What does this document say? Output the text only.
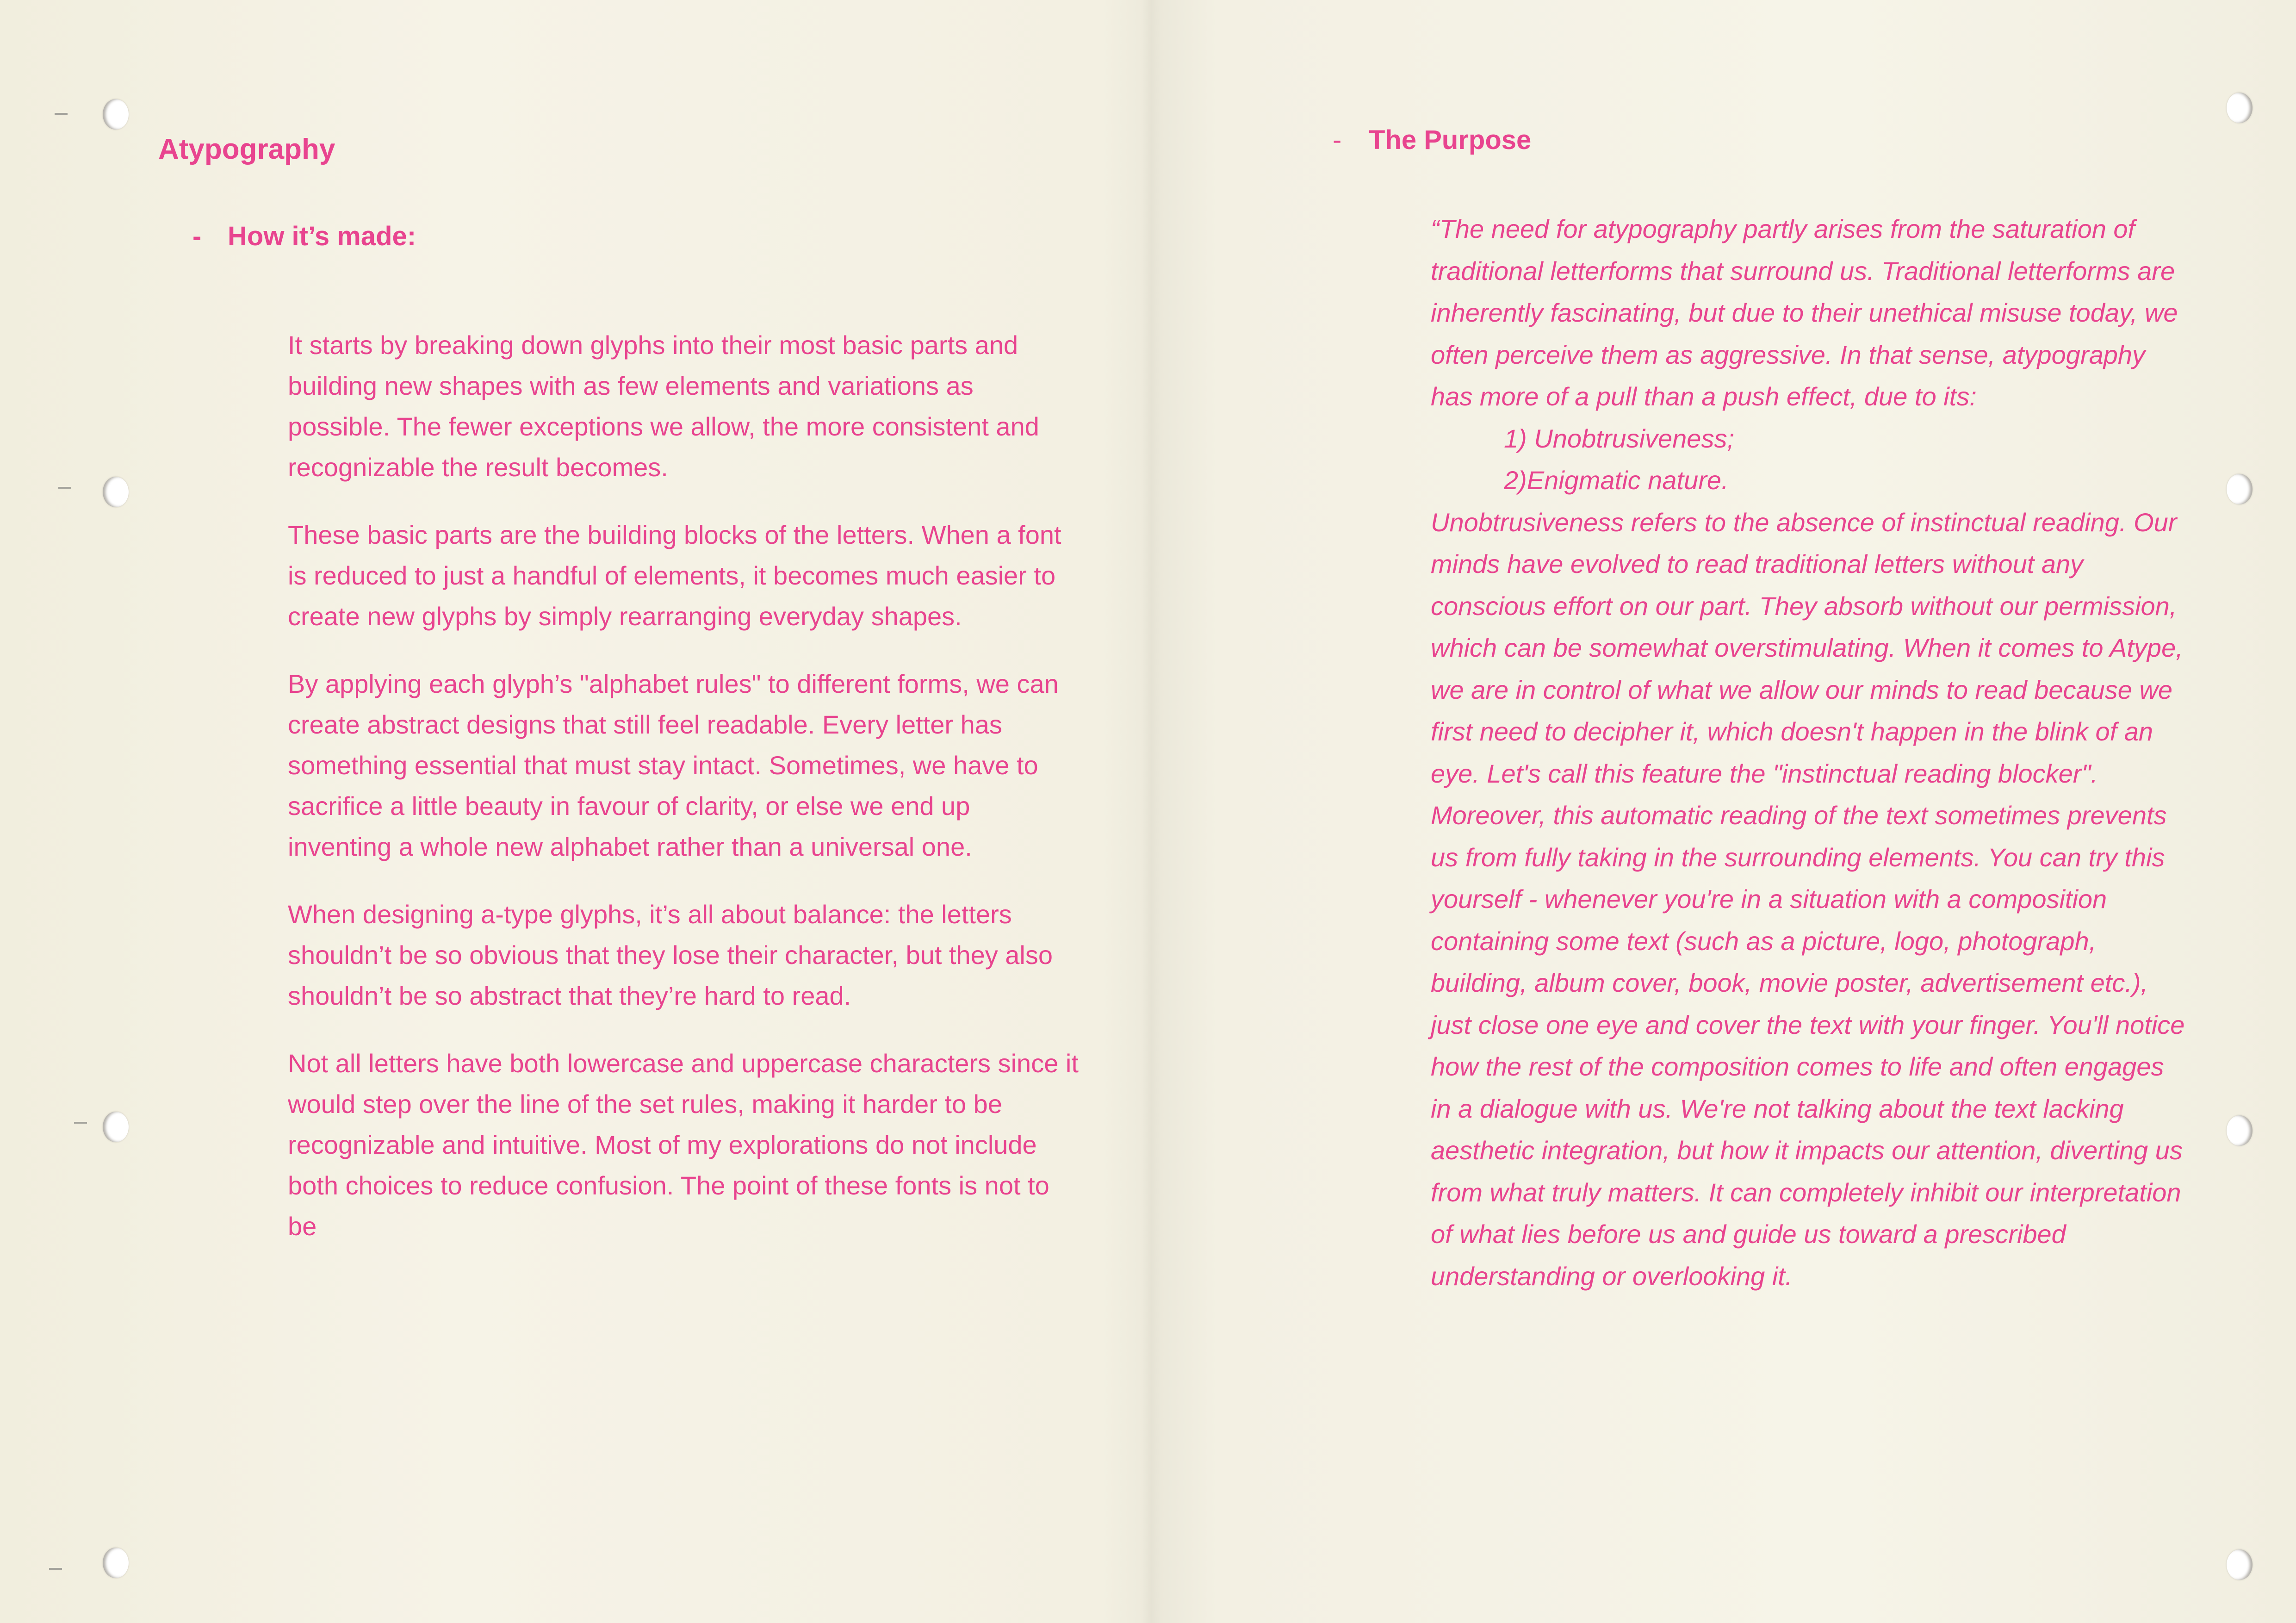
Atypography
- How it’s made:

It starts by breaking down glyphs into their most basic parts and building new shapes with as few elements and variations as possible. The fewer exceptions we allow, the more consistent and recognizable the result becomes.

These basic parts are the building blocks of the letters. When a font is reduced to just a handful of elements, it becomes much easier to create new glyphs by simply rearranging everyday shapes.

By applying each glyph’s "alphabet rules" to different forms, we can create abstract designs that still feel readable. Every letter has something essential that must stay intact. Sometimes, we have to sacrifice a little beauty in favour of clarity, or else we end up inventing a whole new alphabet rather than a universal one.

When designing a-type glyphs, it’s all about balance: the letters shouldn’t be so obvious that they lose their character, but they also shouldn’t be so abstract that they’re hard to read.

Not all letters have both lowercase and uppercase characters since it would step over the line of the set rules, making it harder to be recognizable and intuitive. Most of my explorations do not include both choices to reduce confusion. The point of these fonts is not to be

- The Purpose

“The need for atypography partly arises from the saturation of traditional letterforms that surround us. Traditional letterforms are inherently fascinating, but due to their unethical misuse today, we often perceive them as aggressive. In that sense, atypography has more of a pull than a push effect, due to its:

1) Unobtrusiveness;

2)Enigmatic nature.

Unobtrusiveness refers to the absence of instinctual reading. Our minds have evolved to read traditional letters without any conscious effort on our part. They absorb without our permission, which can be somewhat overstimulating. When it comes to Atype, we are in control of what we allow our minds to read because we first need to decipher it, which doesn't happen in the blink of an eye. Let's call this feature the "instinctual reading blocker". Moreover, this automatic reading of the text sometimes prevents us from fully taking in the surrounding elements. You can try this yourself - whenever you're in a situation with a composition containing some text (such as a picture, logo, photograph, building, album cover, book, movie poster, advertisement etc.), just close one eye and cover the text with your finger. You'll notice how the rest of the composition comes to life and often engages in a dialogue with us. We're not talking about the text lacking aesthetic integration, but how it impacts our attention, diverting us from what truly matters. It can completely inhibit our interpretation of what lies before us and guide us toward a prescribed understanding or overlooking it.
